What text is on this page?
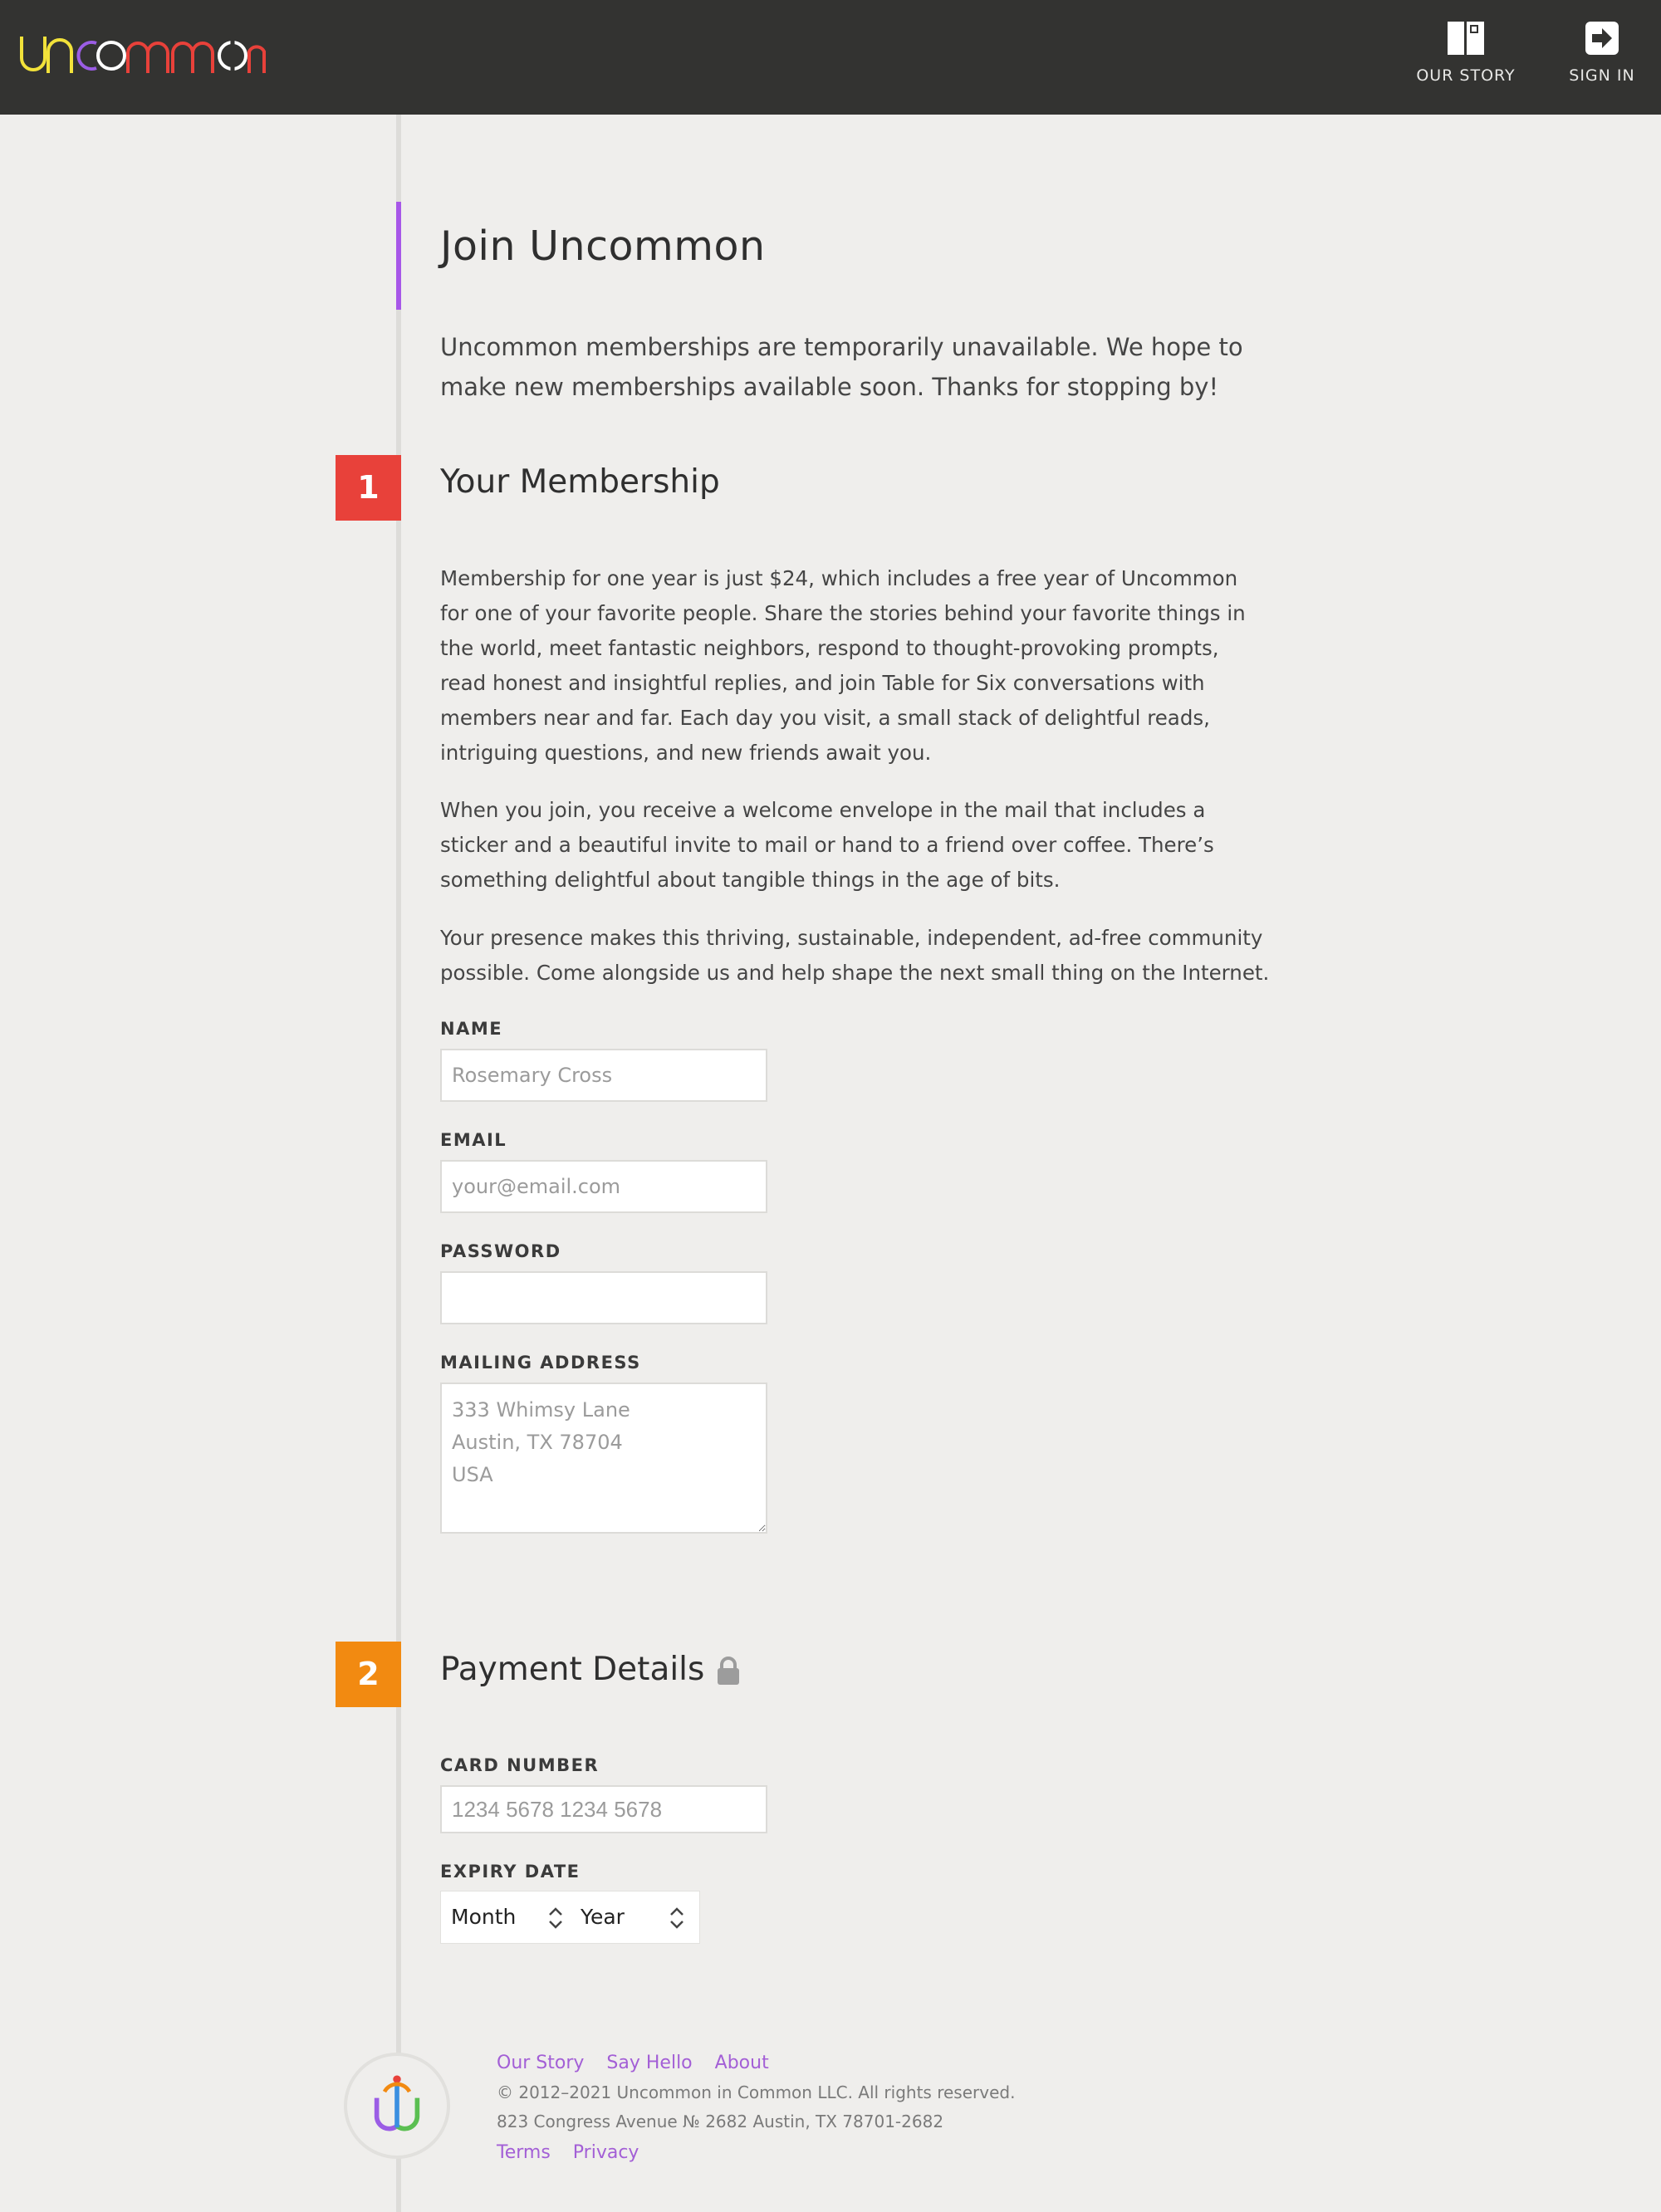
uncommon
OUR STORY	SIGN IN
Join Uncommon

Uncommon memberships are temporarily unavailable. We hope to make new memberships available soon. Thanks for stopping by!

1	Your Membership

Membership for one year is just $24, which includes a free year of Uncommon for one of your favorite people. Share the stories behind your favorite things in the world, meet fantastic neighbors, respond to thought-provoking prompts, read honest and insightful replies, and join Table for Six conversations with members near and far. Each day you visit, a small stack of delightful reads, intriguing questions, and new friends await you.

When you join, you receive a welcome envelope in the mail that includes a sticker and a beautiful invite to mail or hand to a friend over coffee. There’s something delightful about tangible things in the age of bits.

Your presence makes this thriving, sustainable, independent, ad-free community possible. Come alongside us and help shape the next small thing on the Internet.

NAME

Rosemary Cross

EMAIL

your@email.com

PASSWORD

MAILING ADDRESS

333 Whimsy Lane Austin, TX 78704 USA
2	Payment Details

CARD NUMBER

1234 5678 1234 5678

EXPIRY DATE

Month	Year

Our Story Say Hello About

© 2012–2021 Uncommon in Common LLC. All rights reserved.

823 Congress Avenue № 2682 Austin, TX 78701-2682

Terms Privacy
